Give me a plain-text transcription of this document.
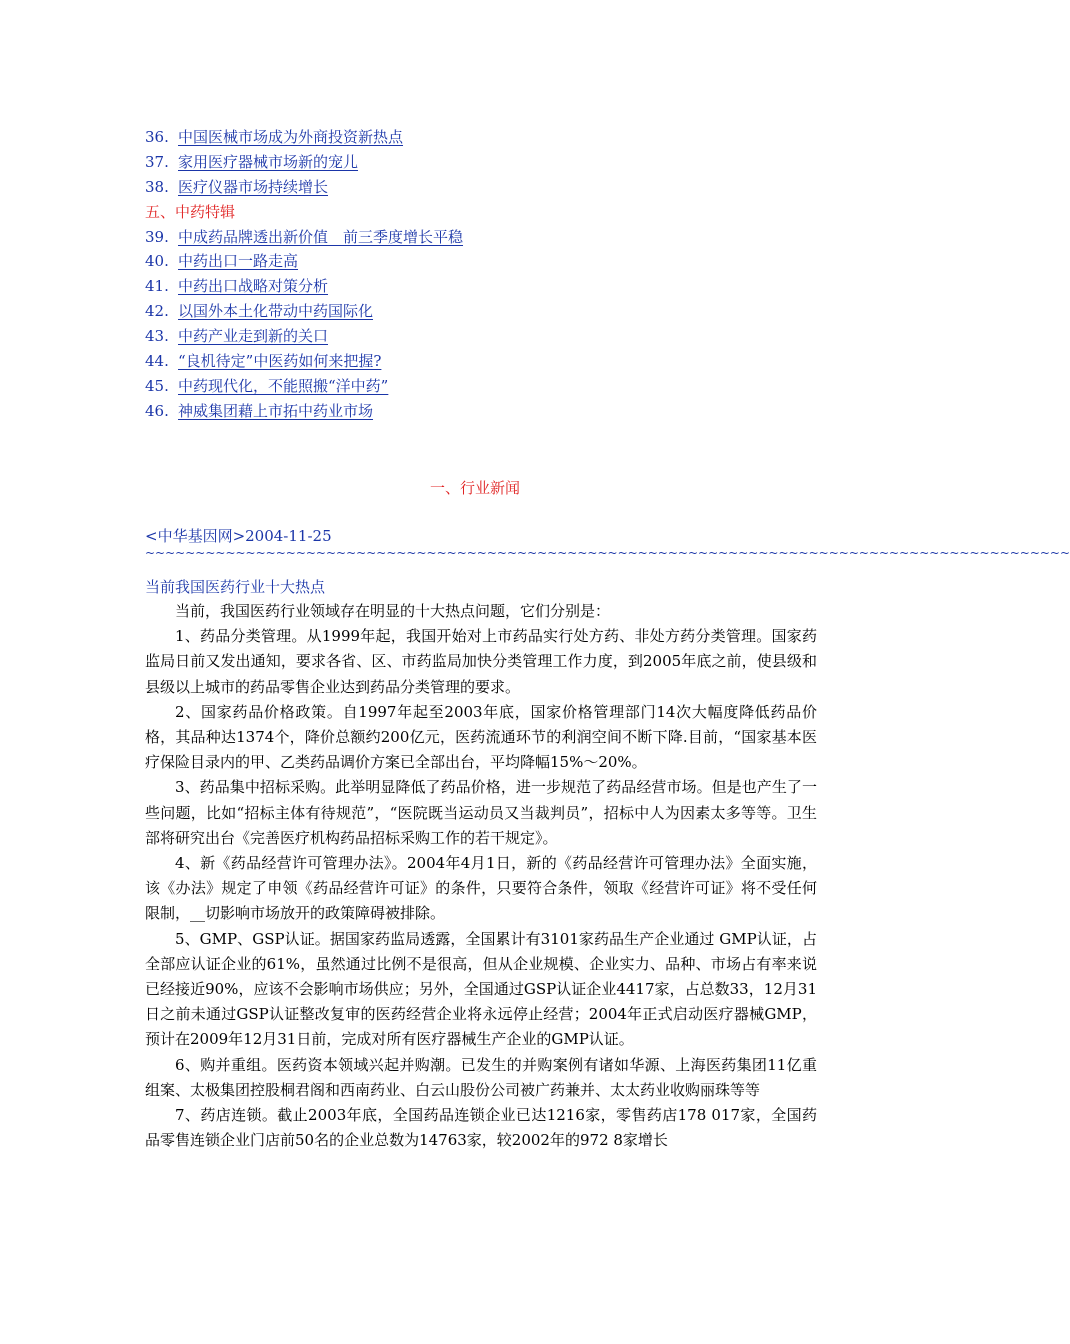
36. 中国医械市场成为外商投资新热点
37. 家用医疗器械市场新的宠儿
38. 医疗仪器市场持续增长
五、中药特辑
39. 中成药品牌透出新价值　前三季度增长平稳
40. 中药出口一路走高
41. 中药出口战略对策分析
42. 以国外本土化带动中药国际化
43. 中药产业走到新的关口
44. “良机待定”中医药如何来把握?
45. 中药现代化，不能照搬“洋中药”
46. 神威集团藉上市拓中药业市场
一、行业新闻
<中华基因网>2004-11-25
~~~~~~~~~~~~~~~~~~~~~~~~~~~~~~~~~~~~~~~~~~~~~~~~~~~~~~~~~~~~~~~~~~~~~~~~~~~~~~~~~~~~~~~~~~~~
当前我国医药行业十大热点

当前，我国医药行业领域存在明显的十大热点问题，它们分别是：

1、药品分类管理。从1999年起，我国开始对上市药品实行处方药、非处方药分类管理。国家药监局日前又发出通知，要求各省、区、市药监局加快分类管理工作力度，到2005年底之前，使县级和县级以上城市的药品零售企业达到药品分类管理的要求。

2、国家药品价格政策。自1997年起至2003年底，国家价格管理部门14次大幅度降低药品价格，其品种达1374个，降价总额约200亿元，医药流通环节的利润空间不断下降.目前，“国家基本医疗保险目录内的甲、乙类药品调价方案已全部出台，平均降幅15%～20%。

3、药品集中招标采购。此举明显降低了药品价格，进一步规范了药品经营市场。但是也产生了一些问题，比如“招标主体有待规范”，“医院既当运动员又当裁判员”，招标中人为因素太多等等。卫生部将研究出台《完善医疗机构药品招标采购工作的若干规定》。

4、新《药品经营许可管理办法》。2004年4月1日，新的《药品经营许可管理办法》全面实施，该《办法》规定了申领《药品经营许可证》的条件，只要符合条件，领取《经营许可证》将不受任何限制，__切影响市场放开的政策障碍被排除。

5、GMP、GSP认证。据国家药监局透露，全国累计有3101家药品生产企业通过 GMP认证，占全部应认证企业的61%，虽然通过比例不是很高，但从企业规模、企业实力、品种、市场占有率来说已经接近90%，应该不会影响市场供应；另外，全国通过GSP认证企业4417家，占总数33，12月31日之前未通过GSP认证整改复审的医药经营企业将永远停止经营；2004年正式启动医疗器械GMP，预计在2009年12月31日前，完成对所有医疗器械生产企业的GMP认证。

6、购并重组。医药资本领域兴起并购潮。已发生的并购案例有诸如华源、上海医药集团11亿重组案、太极集团控股桐君阁和西南药业、白云山股份公司被广药兼并、太太药业收购丽珠等等

7、药店连锁。截止2003年底，全国药品连锁企业已达1216家，零售药店178 017家，全国药品零售连锁企业门店前50名的企业总数为14763家，较2002年的972 8家增长
